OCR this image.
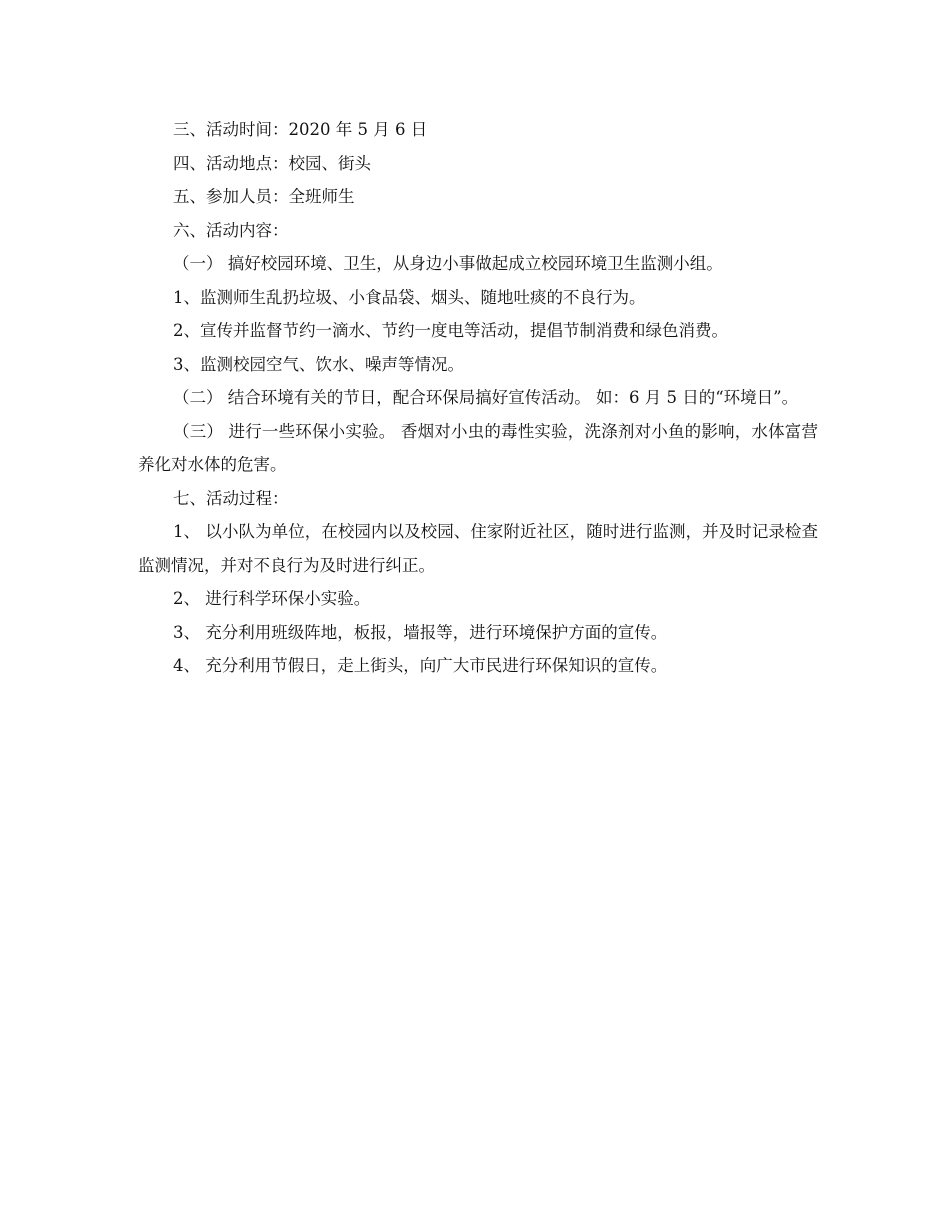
三、活动时间：2020 年 5 月 6 日

四、活动地点：校园、街头

五、参加人员：全班师生

六、活动内容：

（一） 搞好校园环境、卫生，从身边小事做起成立校园环境卫生监测小组。

1、监测师生乱扔垃圾、小食品袋、烟头、随地吐痰的不良行为。

2、宣传并监督节约一滴水、节约一度电等活动，提倡节制消费和绿色消费。

3、监测校园空气、饮水、噪声等情况。

（二） 结合环境有关的节日，配合环保局搞好宣传活动。 如：6 月 5 日的“环境日”。

（三） 进行一些环保小实验。 香烟对小虫的毒性实验，洗涤剂对小鱼的影响，水体富营养化对水体的危害。

七、活动过程：

1、 以小队为单位，在校园内以及校园、住家附近社区，随时进行监测，并及时记录检查监测情况，并对不良行为及时进行纠正。

2、 进行科学环保小实验。

3、 充分利用班级阵地，板报，墙报等，进行环境保护方面的宣传。

4、 充分利用节假日，走上街头，向广大市民进行环保知识的宣传。
